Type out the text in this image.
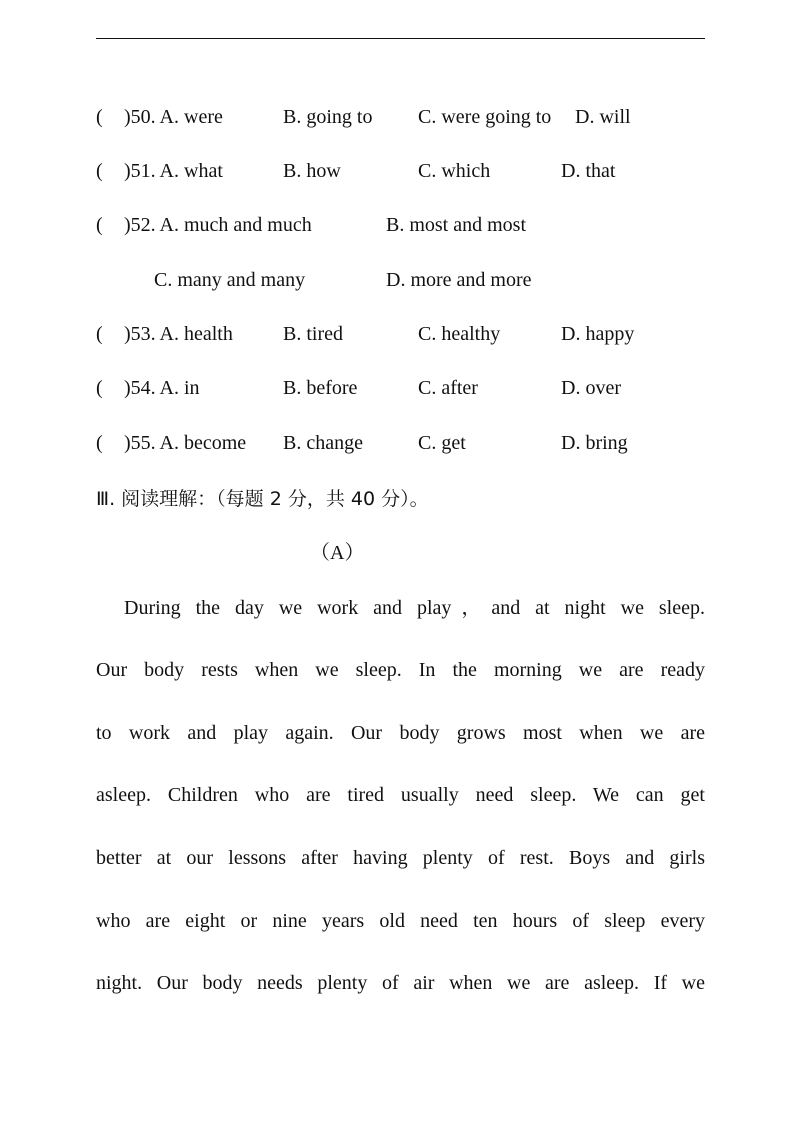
( )50. A. were	B. going to C. were going to D. will
( )51. A. what	B. how	C. which	D. that
( )52. A. much and much	B. most and most
C. many and many	D. more and more
( )53. A. health	B. tired	C. healthy	D. happy
( )54. A. in	B. before	C. after	D. over
( )55. A. become B. change	C. get	D. bring
Ⅲ. 阅读理解：（每题 2 分，共 40 分）。
（A）
During the day we work and play，and at night we sleep.
Our body rests when we sleep. In the morning we are ready
to work and play again. Our body grows most when we are
asleep. Children who are tired usually need sleep. We can get
better at our lessons after having plenty of rest. Boys and girls
who are eight or nine years old need ten hours of sleep every
night. Our body needs plenty of air when we are asleep. If we
